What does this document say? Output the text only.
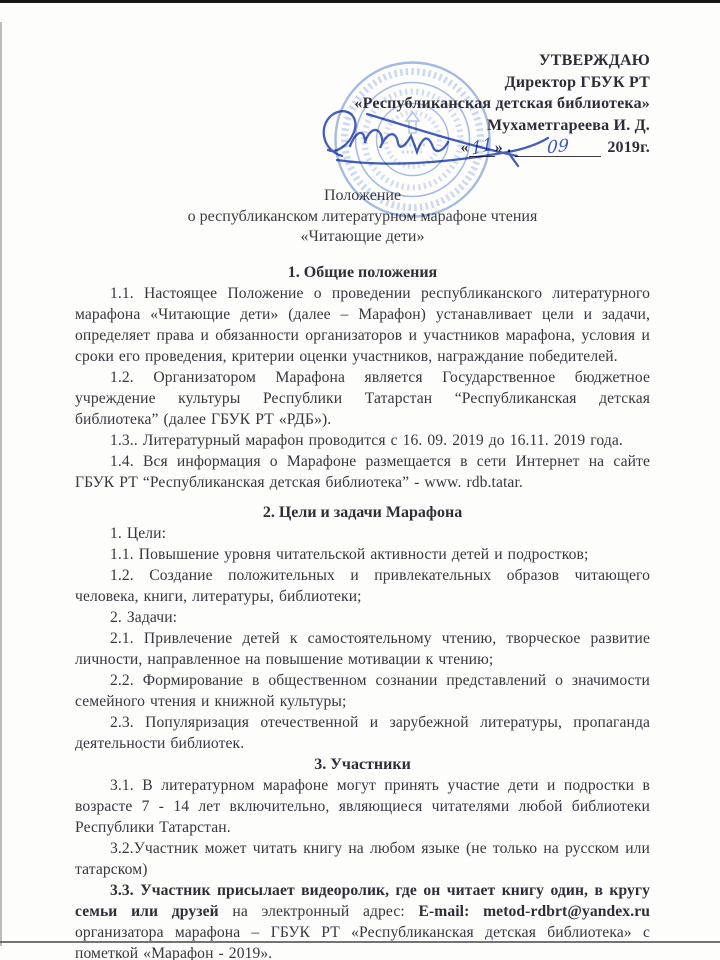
УТВЕРЖДАЮ
Директор ГБУК РТ
«Республиканская детская библиотека»
Мухаметгареева И. Д.
« 11 » . 09 2019г.
Положение
о республиканском литературном марафоне чтения
«Читающие дети»
1. Общие положения

1.1. Настоящее Положение о проведении республиканского литературного марафона «Читающие дети» (далее – Марафон) устанавливает цели и задачи, определяет права и обязанности организаторов и участников марафона, условия и сроки его проведения, критерии оценки участников, награждание победителей.

1.2. Организатором Марафона является Государственное бюджетное учреждение культуры Республики Татарстан “Республиканская детская библиотека” (далее ГБУК РТ «РДБ»).

1.3.. Литературный марафон проводится с 16. 09. 2019 до 16.11. 2019 года.

1.4. Вся информация о Марафоне размещается в сети Интернет на сайте ГБУК РТ “Республиканская детская библиотека” - www. rdb.tatar.

2. Цели и задачи Марафона

1. Цели:

1.1. Повышение уровня читательской активности детей и подростков;

1.2. Создание положительных и привлекательных образов читающего человека, книги, литературы, библиотеки;

2. Задачи:

2.1. Привлечение детей к самостоятельному чтению, творческое развитие личности, направленное на повышение мотивации к чтению;

2.2. Формирование в общественном сознании представлений о значимости семейного чтения и книжной культуры;

2.3. Популяризация отечественной и зарубежной литературы, пропаганда деятельности библиотек.

3. Участники

3.1. В литературном марафоне могут принять участие дети и подростки в возрасте 7 - 14 лет включительно, являющиеся читателями любой библиотеки Республики Татарстан.

3.2.Участник может читать книгу на любом языке (не только на русском или татарском)

3.3. Участник присылает видеоролик, где он читает книгу один, в кругу семьи или друзей на электронный адрес: E-mail: metod-rdbrt@yandex.ru организатора марафона – ГБУК РТ «Республиканская детская библиотека» с пометкой «Марафон - 2019».
